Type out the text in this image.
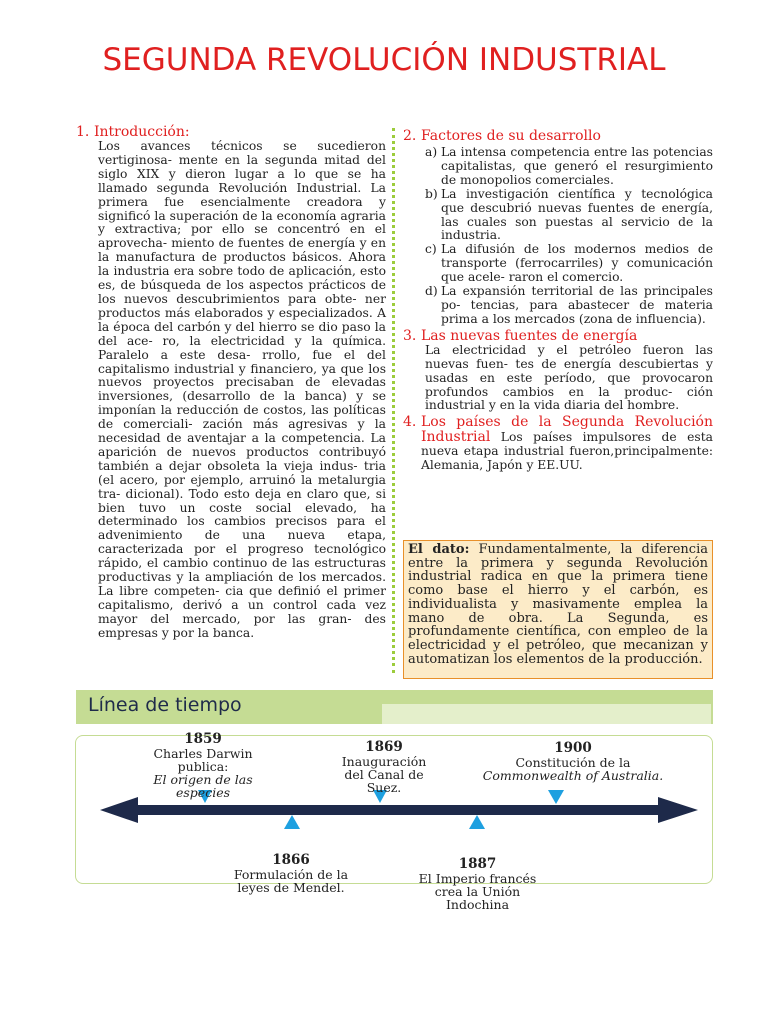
SEGUNDA REVOLUCIÓN INDUSTRIAL
1. Introducción:
Los avances técnicos se sucedieron vertiginosa- mente en la segunda mitad del siglo XIX y dieron lugar a lo que se ha llamado segunda Revolución Industrial. La primera fue esencialmente creadora y significó la superación de la economía agraria y extractiva; por ello se concentró en el aprovecha- miento de fuentes de energía y en la manufactura de productos básicos. Ahora la industria era sobre todo de aplicación, esto es, de búsqueda de los aspectos prácticos de los nuevos descubrimientos para obte- ner productos más elaborados y especializados. A la época del carbón y del hierro se dio paso la del ace- ro, la electricidad y la química. Paralelo a este desa- rrollo, fue el del capitalismo industrial y financiero, ya que los nuevos proyectos precisaban de elevadas inversiones, (desarrollo de la banca) y se imponían la reducción de costos, las políticas de comerciali- zación más agresivas y la necesidad de aventajar a la competencia. La aparición de nuevos productos contribuyó también a dejar obsoleta la vieja indus- tria (el acero, por ejemplo, arruinó la metalurgia tra- dicional). Todo esto deja en claro que, si bien tuvo un coste social elevado, ha determinado los cambios precisos para el advenimiento de una nueva etapa, caracterizada por el progreso tecnológico rápido, el cambio continuo de las estructuras productivas y la ampliación de los mercados. La libre competen- cia que definió el primer capitalismo, derivó a un control cada vez mayor del mercado, por las gran- des empresas y por la banca.
2. Factores de su desarrollo
a) La intensa competencia entre las potencias capitalistas, que generó el resurgimiento de monopolios comerciales.
b) La investigación científica y tecnológica que descubrió nuevas fuentes de energía, las cuales son puestas al servicio de la industria.
c) La difusión de los modernos medios de transporte (ferrocarriles) y comunicación que acele- raron el comercio.
d) La expansión territorial de las principales po- tencias, para abastecer de materia prima a los mercados (zona de influencia).
3. Las nuevas fuentes de energía
La electricidad y el petróleo fueron las nuevas fuen- tes de energía descubiertas y usadas en este período, que provocaron profundos cambios en la produc- ción industrial y en la vida diaria del hombre.
4. Los países de la Segunda Revolución Industrial Los países impulsores de esta nueva etapa industrial fueron,principalmente: Alemania, Japón y EE.UU.
El dato: Fundamentalmente, la diferencia entre la primera y segunda Revolución industrial radica en que la primera tiene como base el hierro y el carbón, es individualista y masivamente emplea la mano de obra. La Segunda, es profundamente científica, con empleo de la electricidad y el petróleo, que mecanizan y automatizan los elementos de la producción.
Línea de tiempo
1859
Charles Darwin
publica:
El origen de las especies
1869
Inauguración
del Canal de
Suez.
1900
Constitución de la
Commonwealth of Australia.
1866
Formulación de la
leyes de Mendel.
1887
El Imperio francés
crea la Unión
Indochina
